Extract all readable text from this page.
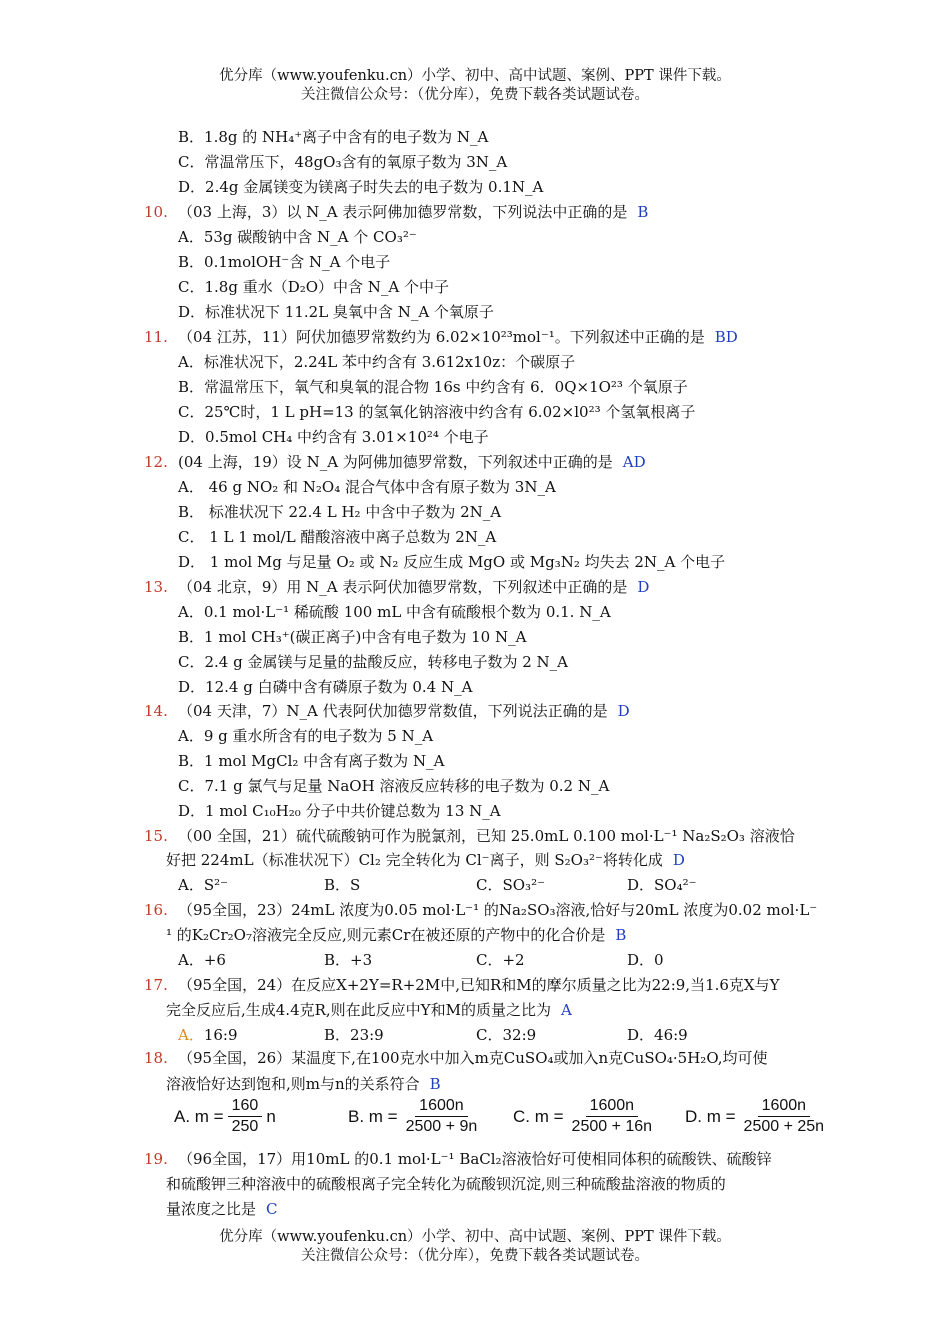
优分库（www.youfenku.cn）小学、初中、高中试题、案例、PPT 课件下载。
关注微信公众号：（优分库），免费下载各类试题试卷。
B．1.8g 的 NH₄⁺离子中含有的电子数为 N_A
C．常温常压下，48gO₃含有的氧原子数为 3N_A
D．2.4g 金属镁变为镁离子时失去的电子数为 0.1N_A
10. （03 上海，3）以 N_A 表示阿佛加德罗常数，下列说法中正确的是 B
A．53g 碳酸钠中含 N_A 个 CO₃²⁻
B．0.1molOH⁻含 N_A 个电子
C．1.8g 重水（D₂O）中含 N_A 个中子
D．标准状况下 11.2L 臭氧中含 N_A 个氧原子
11. （04 江苏，11）阿伏加德罗常数约为 6.02×10²³mol⁻¹。下列叙述中正确的是 BD
A．标准状况下，2.24L 苯中约含有 3.612x10z：个碳原子
B．常温常压下，氧气和臭氧的混合物 16s 中约含有 6．0Q×1O²³ 个氧原子
C．25℃时，1 L pH=13 的氢氧化钠溶液中约含有 6.02×l0²³ 个氢氧根离子
D．0.5mol CH₄ 中约含有 3.01×10²⁴ 个电子
12. (04 上海，19）设 N_A 为阿佛加德罗常数，下列叙述中正确的是 AD
A． 46 g NO₂ 和 N₂O₄ 混合气体中含有原子数为 3N_A
B． 标准状况下 22.4 L H₂ 中含中子数为 2N_A
C． 1 L 1 mol/L 醋酸溶液中离子总数为 2N_A
D． 1 mol Mg 与足量 O₂ 或 N₂ 反应生成 MgO 或 Mg₃N₂ 均失去 2N_A 个电子
13. （04 北京，9）用 N_A 表示阿伏加德罗常数，下列叙述中正确的是 D
A．0.1 mol·L⁻¹ 稀硫酸 100 mL 中含有硫酸根个数为 0.1. N_A
B．1 mol CH₃⁺(碳正离子)中含有电子数为 10 N_A
C．2.4 g 金属镁与足量的盐酸反应，转移电子数为 2 N_A
D．12.4 g 白磷中含有磷原子数为 0.4 N_A
14. （04 天津，7）N_A 代表阿伏加德罗常数值，下列说法正确的是 D
A．9 g 重水所含有的电子数为 5 N_A
B．1 mol MgCl₂ 中含有离子数为 N_A
C．7.1 g 氯气与足量 NaOH 溶液反应转移的电子数为 0.2 N_A
D．1 mol C₁₀H₂₀ 分子中共价键总数为 13 N_A
15. （00 全国，21）硫代硫酸钠可作为脱氯剂，已知 25.0mL 0.100 mol·L⁻¹ Na₂S₂O₃ 溶液恰
好把 224mL（标准状况下）Cl₂ 完全转化为 Cl⁻离子，则 S₂O₃²⁻将转化成 D
A．S²⁻	B．S	C．SO₃²⁻	D．SO₄²⁻
16. （95全国，23）24mL 浓度为0.05 mol·L⁻¹ 的Na₂SO₃溶液,恰好与20mL 浓度为0.02 mol·L⁻
¹ 的K₂Cr₂O₇溶液完全反应,则元素Cr在被还原的产物中的化合价是 B
A．+6	B．+3	C．+2	D．0
17. （95全国，24）在反应X+2Y=R+2M中,已知R和M的摩尔质量之比为22:9,当1.6克X与Y
完全反应后,生成4.4克R,则在此反应中Y和M的质量之比为 A
A．16:9	B．23:9	C．32:9	D．46:9
18. （95全国，26）某温度下,在100克水中加入m克CuSO₄或加入n克CuSO₄·5H₂O,均可使
溶液恰好达到饱和,则m与n的关系符合 B
A. $m = \frac{160}{250}$ n	B. $m = \frac{1600n}{2500 + 9n} C$. $m = \frac{1600n}{2500 + 16n} D$. $m = \frac{1600n}{2500 + 25n}$
19. （96全国，17）用10mL 的0.1 mol·L⁻¹ BaCl₂溶液恰好可使相同体积的硫酸铁、硫酸锌
和硫酸钾三种溶液中的硫酸根离子完全转化为硫酸钡沉淀,则三种硫酸盐溶液的物质的
量浓度之比是 C
优分库（www.youfenku.cn）小学、初中、高中试题、案例、PPT 课件下载。
关注微信公众号：（优分库），免费下载各类试题试卷。
